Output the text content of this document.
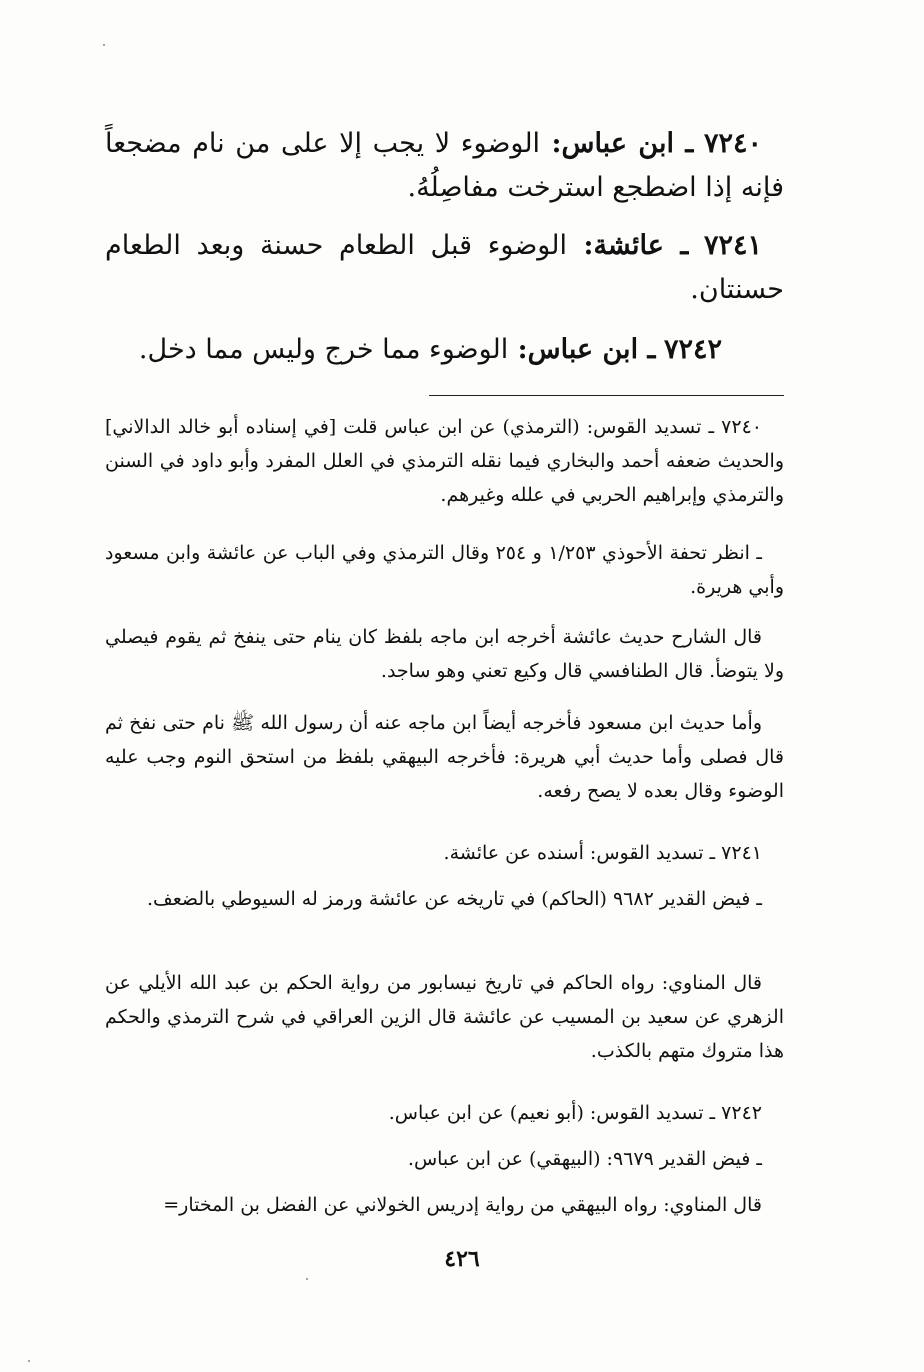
٧٢٤٠ ـ ابن عباس: الوضوء لا يجب إلا على من نام مضجعاً فإنه إذا اضطجع استرخت مفاصِلُهُ.

٧٢٤١ ـ عائشة: الوضوء قبل الطعام حسنة وبعد الطعام حسنتان.

٧٢٤٢ ـ ابن عباس: الوضوء مما خرج وليس مما دخل.

٧٢٤٠ ـ تسديد القوس: (الترمذي) عن ابن عباس قلت [في إسناده أبو خالد الدالاني] والحديث ضعفه أحمد والبخاري فيما نقله الترمذي في العلل المفرد وأبو داود في السنن والترمذي وإبراهيم الحربي في علله وغيرهم.

ـ انظر تحفة الأحوذي ١/٢٥٣ و ٢٥٤ وقال الترمذي وفي الباب عن عائشة وابن مسعود وأبي هريرة.

قال الشارح حديث عائشة أخرجه ابن ماجه بلفظ كان ينام حتى ينفخ ثم يقوم فيصلي ولا يتوضأ. قال الطنافسي قال وكيع تعني وهو ساجد.

وأما حديث ابن مسعود فأخرجه أيضاً ابن ماجه عنه أن رسول الله ﷺ نام حتى نفخ ثم قال فصلى وأما حديث أبي هريرة: فأخرجه البيهقي بلفظ من استحق النوم وجب عليه الوضوء وقال بعده لا يصح رفعه.

٧٢٤١ ـ تسديد القوس: أسنده عن عائشة.

ـ فيض القدير ٩٦٨٢ (الحاكم) في تاريخه عن عائشة ورمز له السيوطي بالضعف.

قال المناوي: رواه الحاكم في تاريخ نيسابور من رواية الحكم بن عبد الله الأيلي عن الزهري عن سعيد بن المسيب عن عائشة قال الزين العراقي في شرح الترمذي والحكم هذا متروك متهم بالكذب.

٧٢٤٢ ـ تسديد القوس: (أبو نعيم) عن ابن عباس.

ـ فيض القدير ٩٦٧٩: (البيهقي) عن ابن عباس.

قال المناوي: رواه البيهقي من رواية إدريس الخولاني عن الفضل بن المختار=

٤٢٦
